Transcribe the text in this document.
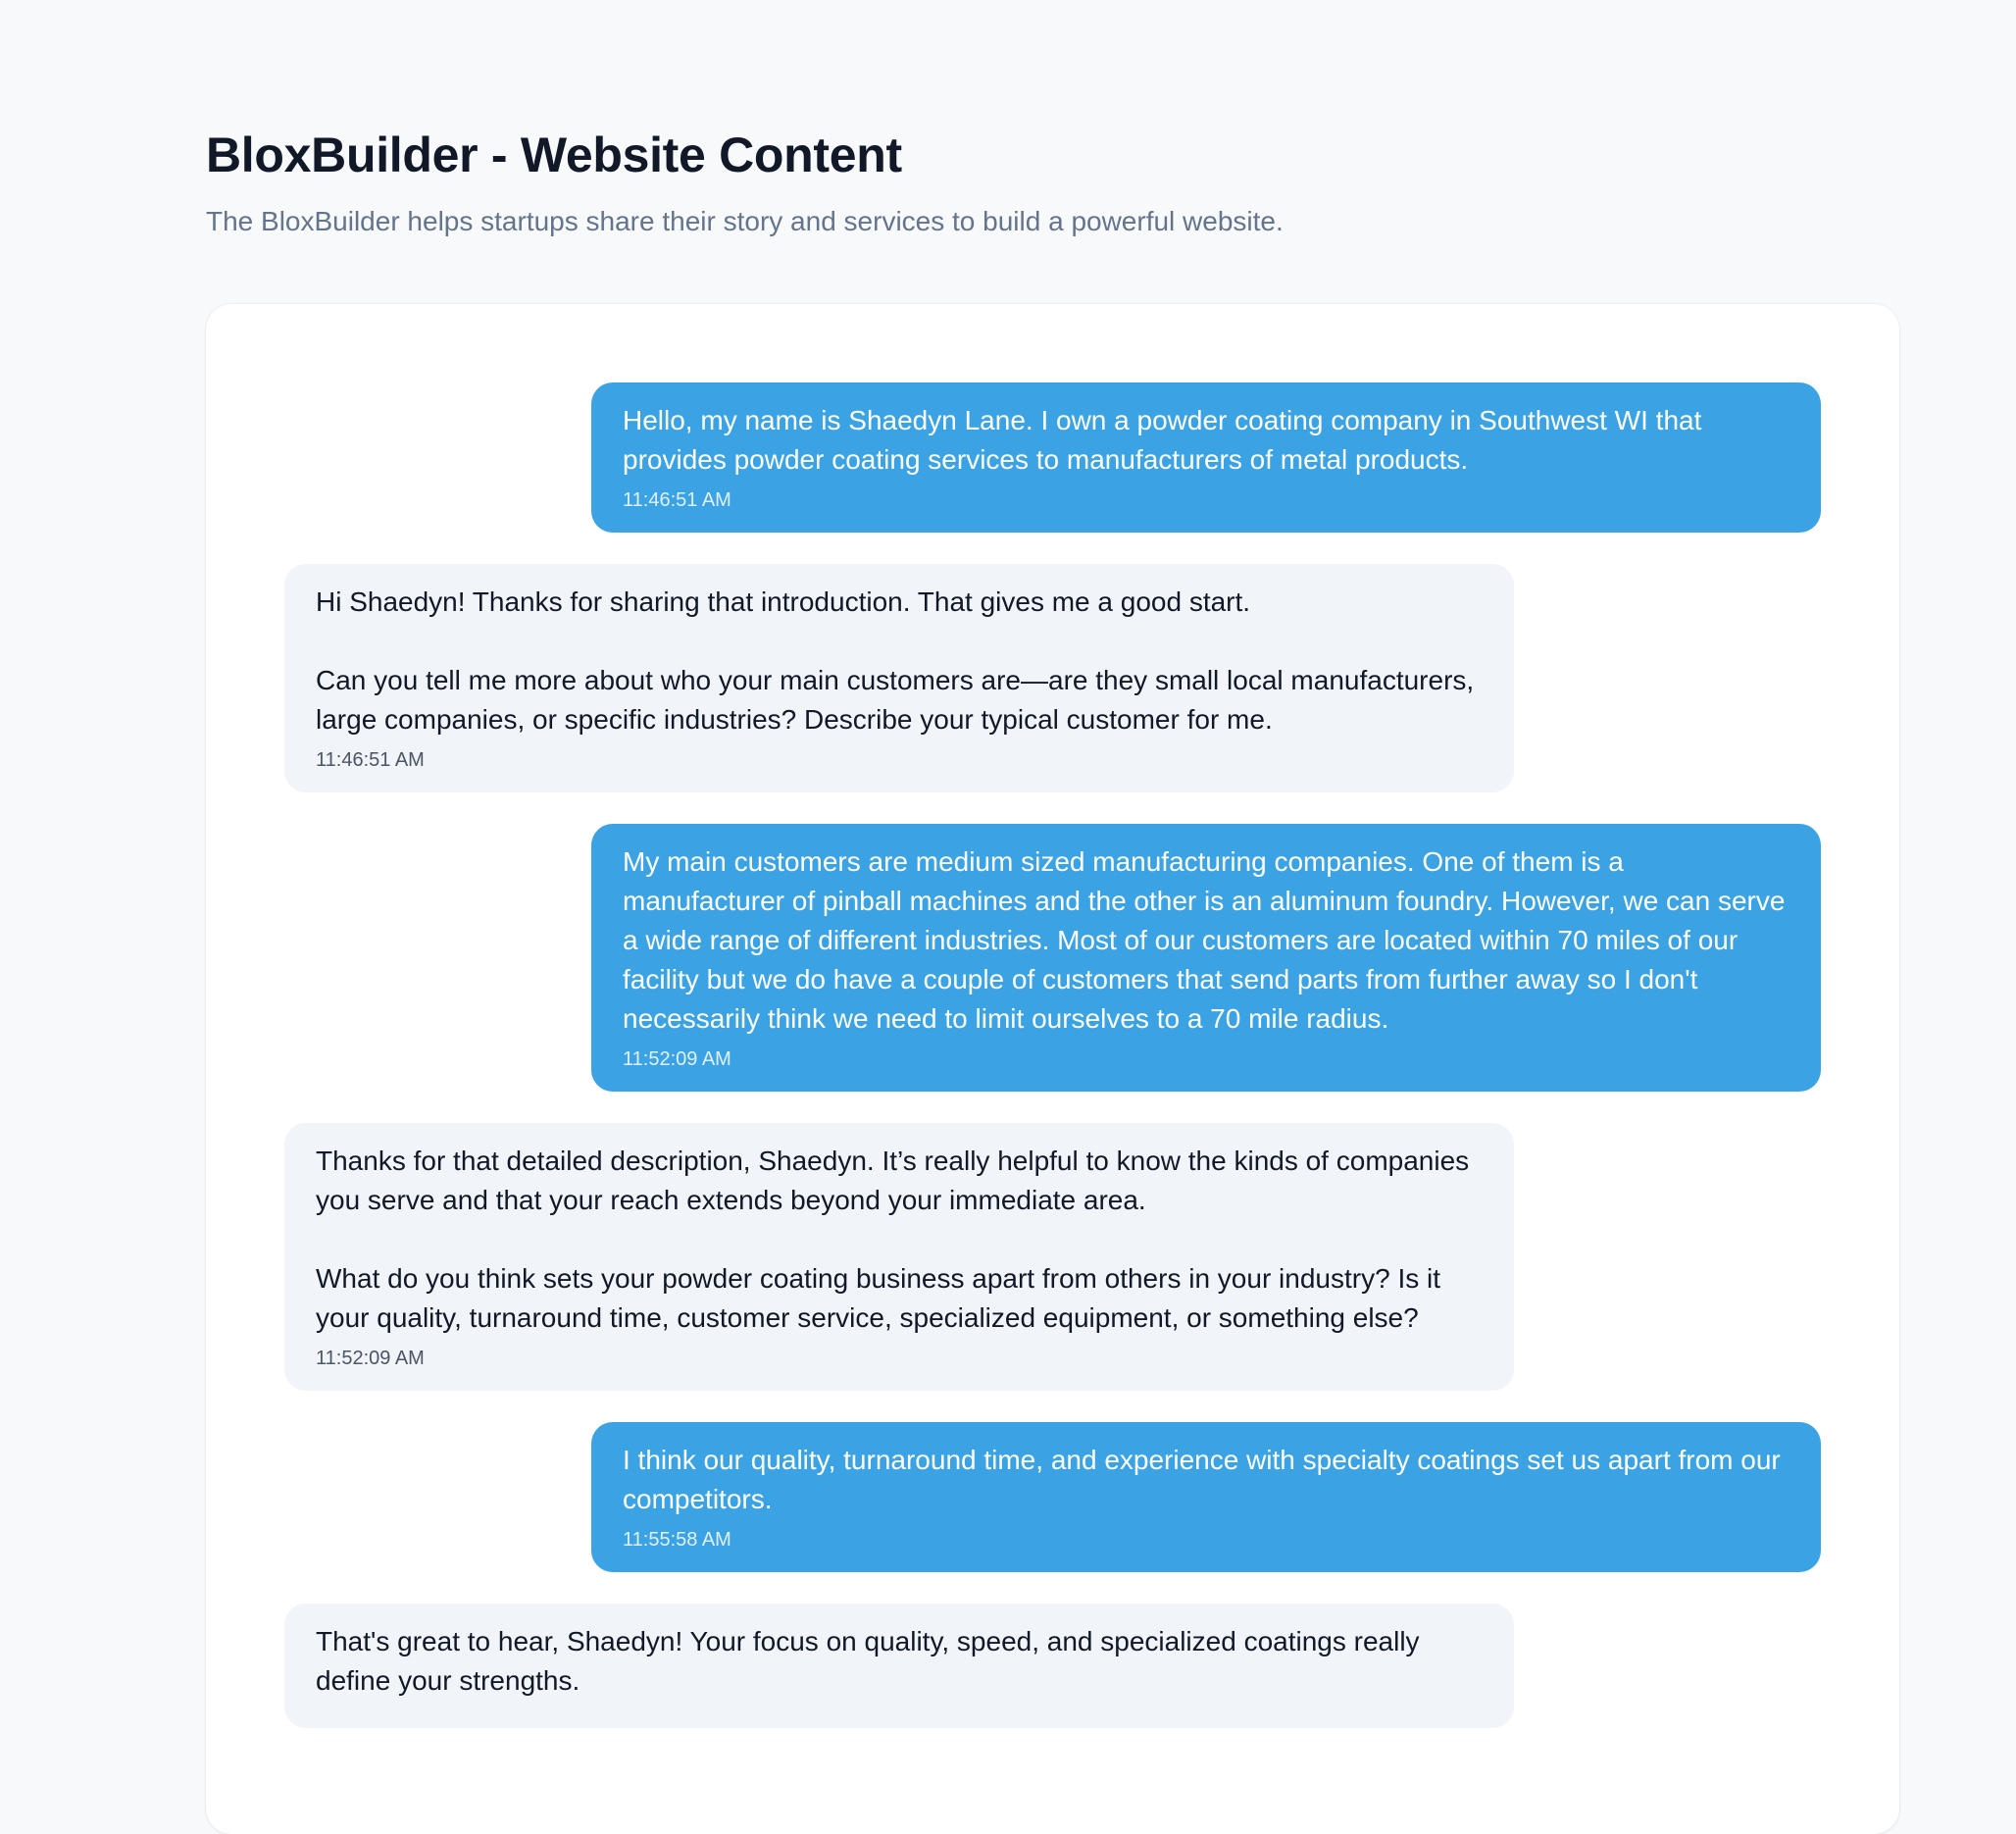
BloxBuilder - Website Content

The BloxBuilder helps startups share their story and services to build a powerful website.

Hello, my name is Shaedyn Lane. I own a powder coating company in Southwest WI that provides powder coating services to manufacturers of metal products.

11:46:51 AM

Hi Shaedyn! Thanks for sharing that introduction. That gives me a good start.

Can you tell me more about who your main customers are—are they small local manufacturers, large companies, or specific industries? Describe your typical customer for me.

11:46:51 AM

My main customers are medium sized manufacturing companies. One of them is a manufacturer of pinball machines and the other is an aluminum foundry. However, we can serve a wide range of different industries. Most of our customers are located within 70 miles of our facility but we do have a couple of customers that send parts from further away so I don't necessarily think we need to limit ourselves to a 70 mile radius.

11:52:09 AM

Thanks for that detailed description, Shaedyn. It’s really helpful to know the kinds of companies you serve and that your reach extends beyond your immediate area.

What do you think sets your powder coating business apart from others in your industry? Is it your quality, turnaround time, customer service, specialized equipment, or something else?

11:52:09 AM

I think our quality, turnaround time, and experience with specialty coatings set us apart from our competitors.

11:55:58 AM

That's great to hear, Shaedyn! Your focus on quality, speed, and specialized coatings really define your strengths.
